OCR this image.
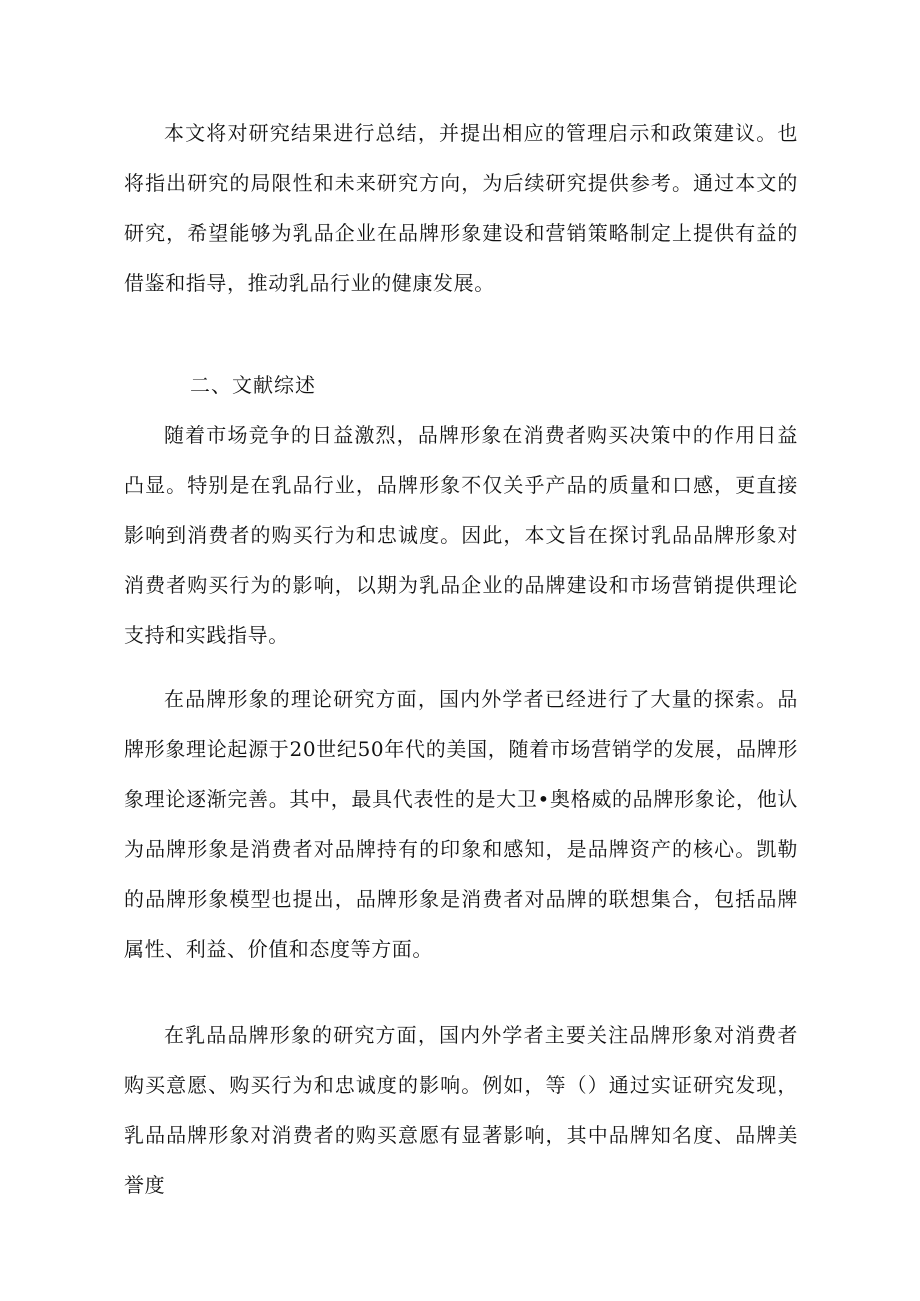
本文将对研究结果进行总结，并提出相应的管理启示和政策建议。也将指出研究的局限性和未来研究方向，为后续研究提供参考。通过本文的研究，希望能够为乳品企业在品牌形象建设和营销策略制定上提供有益的借鉴和指导，推动乳品行业的健康发展。

二、文献综述

随着市场竞争的日益激烈，品牌形象在消费者购买决策中的作用日益凸显。特别是在乳品行业，品牌形象不仅关乎产品的质量和口感，更直接影响到消费者的购买行为和忠诚度。因此，本文旨在探讨乳品品牌形象对消费者购买行为的影响，以期为乳品企业的品牌建设和市场营销提供理论支持和实践指导。

在品牌形象的理论研究方面，国内外学者已经进行了大量的探索。品牌形象理论起源于20世纪50年代的美国，随着市场营销学的发展，品牌形象理论逐渐完善。其中，最具代表性的是大卫•奥格威的品牌形象论，他认为品牌形象是消费者对品牌持有的印象和感知，是品牌资产的核心。凯勒的品牌形象模型也提出，品牌形象是消费者对品牌的联想集合，包括品牌属性、利益、价值和态度等方面。

在乳品品牌形象的研究方面，国内外学者主要关注品牌形象对消费者购买意愿、购买行为和忠诚度的影响。例如，等（）通过实证研究发现，乳品品牌形象对消费者的购买意愿有显著影响，其中品牌知名度、品牌美誉度
